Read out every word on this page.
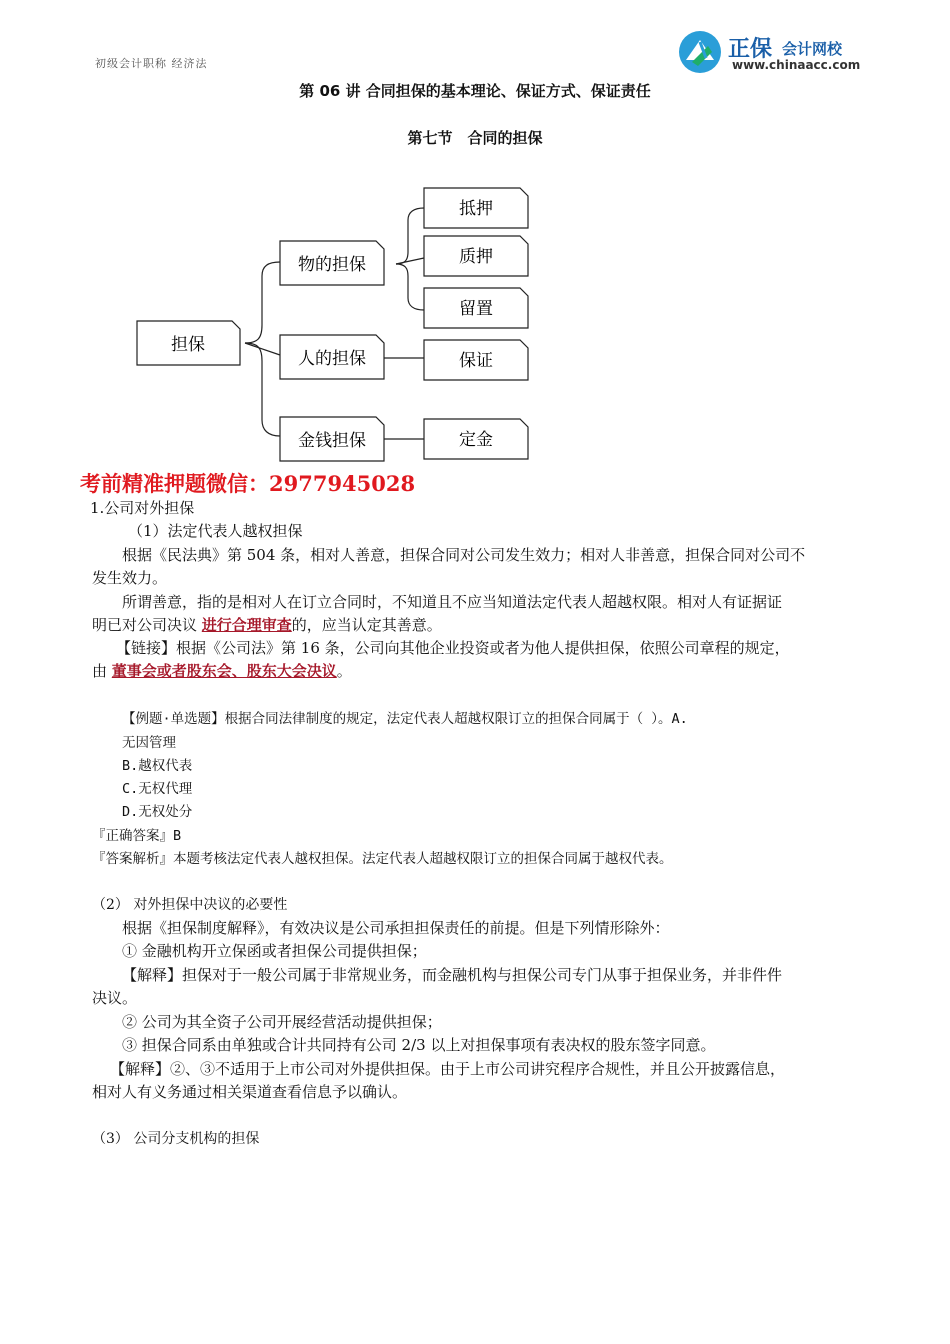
初级会计职称 经济法
正保 会计网校
www.chinaacc.com
第 06 讲 合同担保的基本理论、保证方式、保证责任
第七节　合同的担保
担保
物的担保
人的担保
金钱担保
抵押
质押
留置
保证
定金
考前精准押题微信：2977945028
1.公司对外担保
（1）法定代表人越权担保
根据《民法典》第 504 条，相对人善意，担保合同对公司发生效力；相对人非善意，担保合同对公司不
发生效力。
所谓善意，指的是相对人在订立合同时，不知道且不应当知道法定代表人超越权限。相对人有证据证
明已对公司决议 进行合理审查的，应当认定其善意。
【链接】根据《公司法》第 16 条，公司向其他企业投资或者为他人提供担保，依照公司章程的规定，
由 董事会或者股东会、股东大会决议。
【例题·单选题】根据合同法律制度的规定，法定代表人超越权限订立的担保合同属于（ ）。A.
无因管理
B.越权代表
C.无权代理
D.无权处分
『正确答案』B
『答案解析』本题考核法定代表人越权担保。法定代表人超越权限订立的担保合同属于越权代表。
（2） 对外担保中决议的必要性
根据《担保制度解释》，有效决议是公司承担担保责任的前提。但是下列情形除外：
① 金融机构开立保函或者担保公司提供担保；
【解释】担保对于一般公司属于非常规业务，而金融机构与担保公司专门从事于担保业务，并非件件
决议。
② 公司为其全资子公司开展经营活动提供担保；
③ 担保合同系由单独或合计共同持有公司 2/3 以上对担保事项有表决权的股东签字同意。
【解释】②、③不适用于上市公司对外提供担保。由于上市公司讲究程序合规性，并且公开披露信息，
相对人有义务通过相关渠道查看信息予以确认。
（3） 公司分支机构的担保
